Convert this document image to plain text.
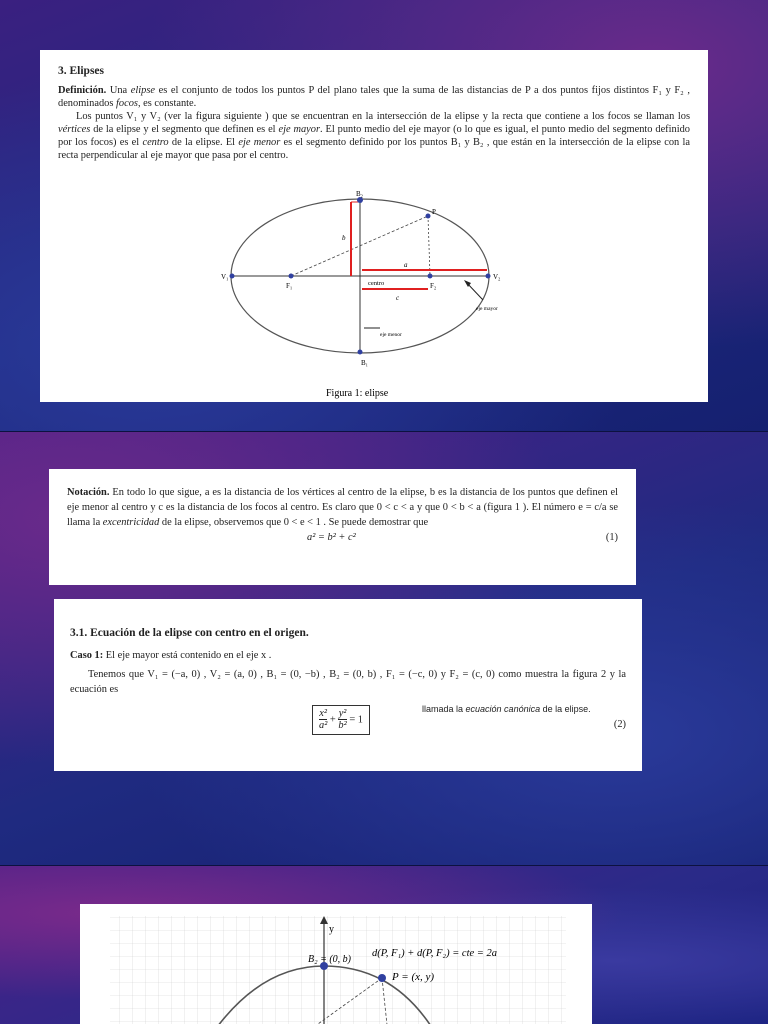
3. Elipses

Definición. Una elipse es el conjunto de todos los puntos P del plano tales que la suma de las distancias de P a dos puntos fijos distintos F₁ y F₂ , denominados focos, es constante.

Los puntos V₁ y V₂ (ver la figura siguiente ) que se encuentran en la intersección de la elipse y la recta que contiene a los focos se llaman los vértices de la elipse y el segmento que definen es el eje mayor. El punto medio del eje mayor (o lo que es igual, el punto medio del segmento definido por los focos) es el centro de la elipse. El eje menor es el segmento definido por los puntos B₁ y B₂ , que están en la intersección de la elipse con la recta perpendicular al eje mayor que pasa por el centro.

B₂
B₁
P
V₁	V₂
F₁	F₂
a
b
c
centro
eje mayor
eje menor
Figura 1: elipse

Notación. En todo lo que sigue, a es la distancia de los vértices al centro de la elipse, b es la distancia de los puntos que definen el eje menor al centro y c es la distancia de los focos al centro. Es claro que 0 < c < a y que 0 < b < a (figura 1 ). El número e = c/a se llama la excentricidad de la elipse, observemos que 0 < e < 1 . Se puede demostrar que

a² = b² + c²	(1)
3.1. Ecuación de la elipse con centro en el origen.

Caso 1: El eje mayor está contenido en el eje x .

Tenemos que V₁ = (−a, 0) , V₂ = (a, 0) , B₁ = (0, −b) , B₂ = (0, b) , F₁ = (−c, 0) y F₂ = (c, 0) como muestra la figura 2 y la ecuación es

$\frac{\text{x²}}{\text{a²}} + \frac{\text{y²}}{\text{b²}} = 1$
llamada la ecuación canónica de la elipse.
(2)
y
B₂ = (0, b)
P = (x, y)
d(P, F₁) + d(P, F₂) = cte = 2a
